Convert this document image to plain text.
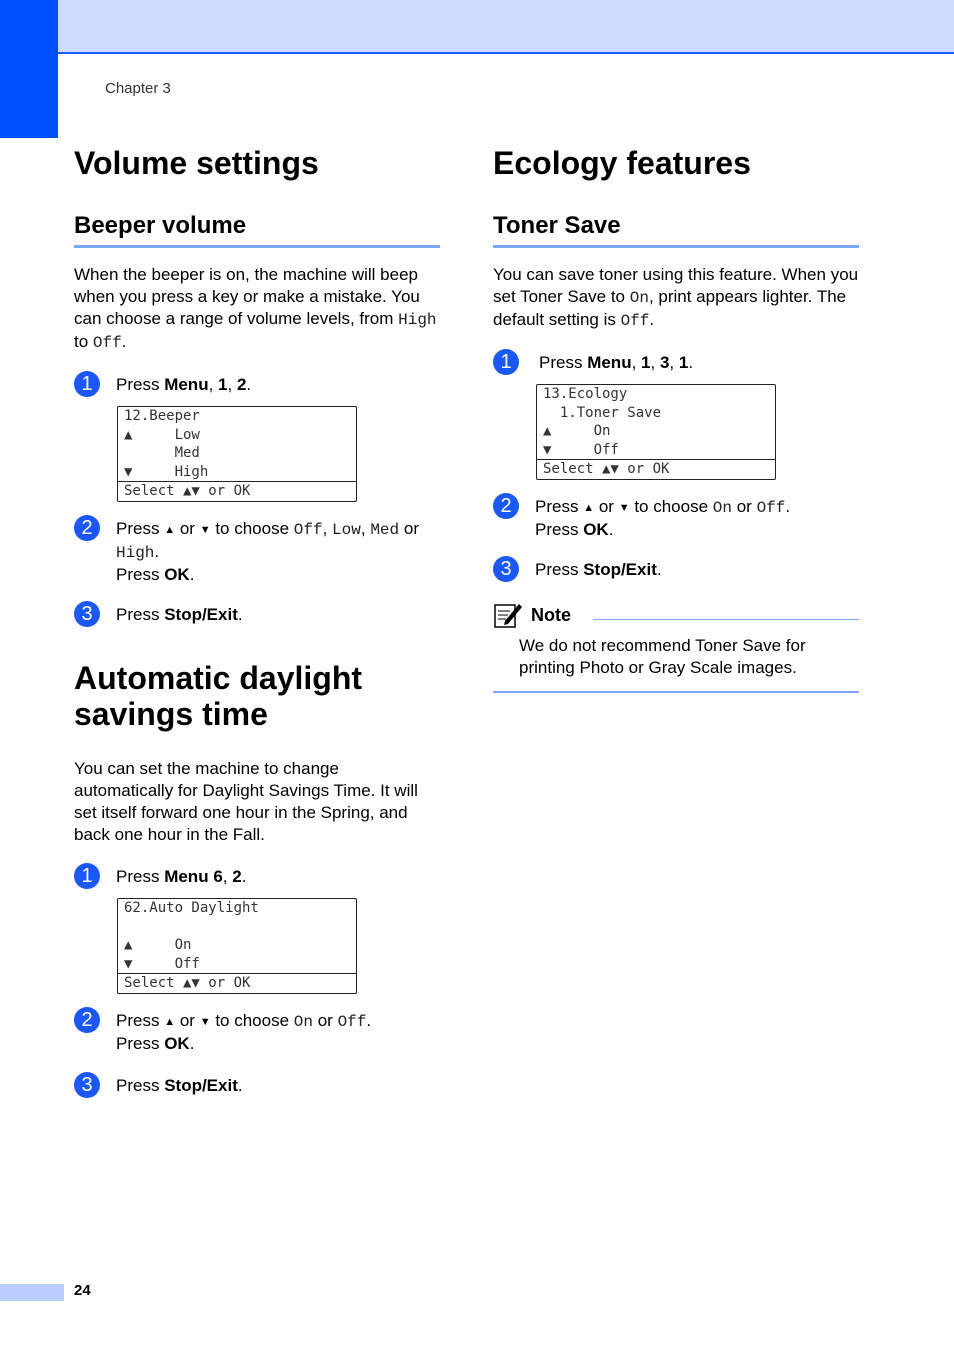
Chapter 3
Volume settings
Beeper volume

When the beeper is on, the machine will beep when you press a key or make a mistake. You can choose a range of volume levels, from High to Off.

1	Press Menu, 1, 2.
12.Beeper
▲     Low
Med
▼     High
Select ▲▼ or OK
2	Press ▲ or ▼ to choose Off, Low, Med or High.
Press OK.
3	Press Stop/Exit.
Automatic daylight savings time

You can set the machine to change automatically for Daylight Savings Time. It will set itself forward one hour in the Spring, and back one hour in the Fall.

1	Press Menu 6, 2.
62.Auto Daylight
▲     On
▼     Off
Select ▲▼ or OK
2	Press ▲ or ▼ to choose On or Off.
Press OK.
3	Press Stop/Exit.
Ecology features
Toner Save

You can save toner using this feature. When you set Toner Save to On, print appears lighter. The default setting is Off.

1	Press Menu, 1, 3, 1.
13.Ecology
1.Toner Save
▲     On
▼     Off
Select ▲▼ or OK
2	Press ▲ or ▼ to choose On or Off.
Press OK.
3	Press Stop/Exit.
Note

We do not recommend Toner Save for printing Photo or Gray Scale images.

24
